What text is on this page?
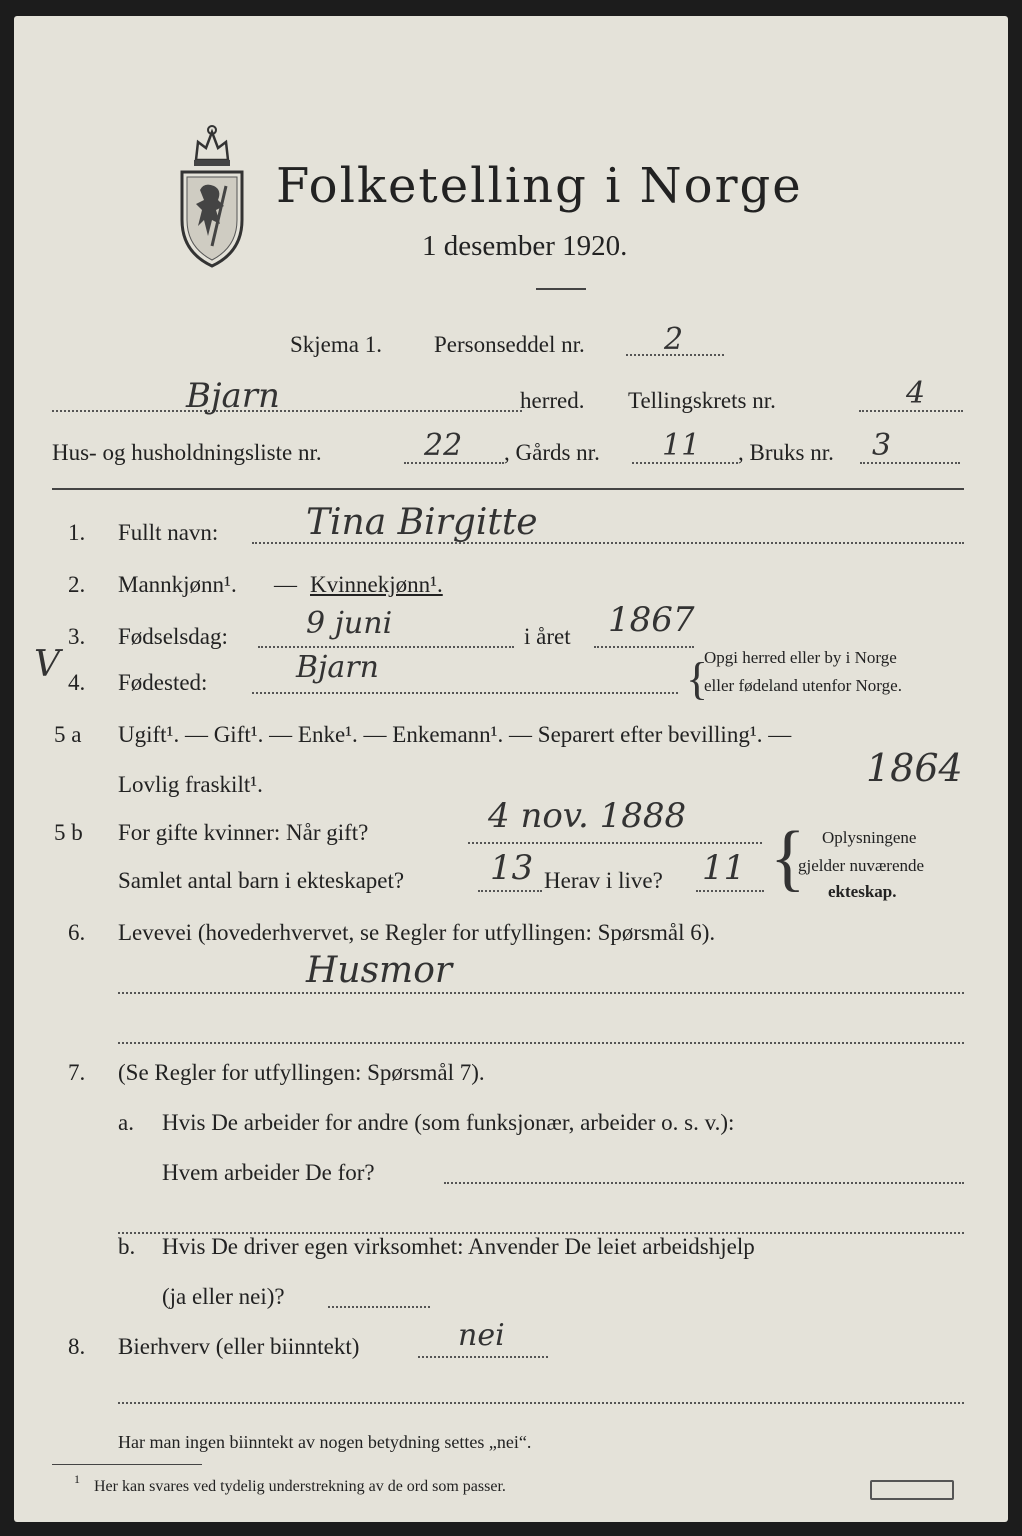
Folketelling i Norge
1 desember 1920.
Skjema 1. Personseddel nr.	2
Bjarn	herred. Tellingskrets nr.	4
Hus- og husholdningsliste nr.	22 , Gårds nr. 11 , Bruks nr. 3
1. Fullt navn: Tina Birgitte
2. Mannkjønn¹. — Kvinnekjønn¹.
3. Fødselsdag:	9 juni	i året 1867
V 4. Fødested:	Bjarn	{
Opgi herred eller by i Norge
eller fødeland utenfor Norge.
5 a Ugift¹. — Gift¹. — Enke¹. — Enkemann¹. — Separert efter bevilling¹. —
Lovlig fraskilt¹.	1864
5 b For gifte kvinner: Når gift?	4 nov. 1888
Samlet antal barn i ekteskapet?	13 Herav i live? 11 { Oplysningene
gjelder nuværende
ekteskap.
6. Levevei (hovederhvervet, se Regler for utfyllingen: Spørsmål 6).
Husmor
7. (Se Regler for utfyllingen: Spørsmål 7).
a. Hvis De arbeider for andre (som funksjonær, arbeider o. s. v.):
Hvem arbeider De for?
b. Hvis De driver egen virksomhet: Anvender De leiet arbeidshjelp
(ja eller nei)?
8. Bierhverv (eller biinntekt)	nei
Har man ingen biinntekt av nogen betydning settes „nei“.
1 Her kan svares ved tydelig understrekning av de ord som passer.
